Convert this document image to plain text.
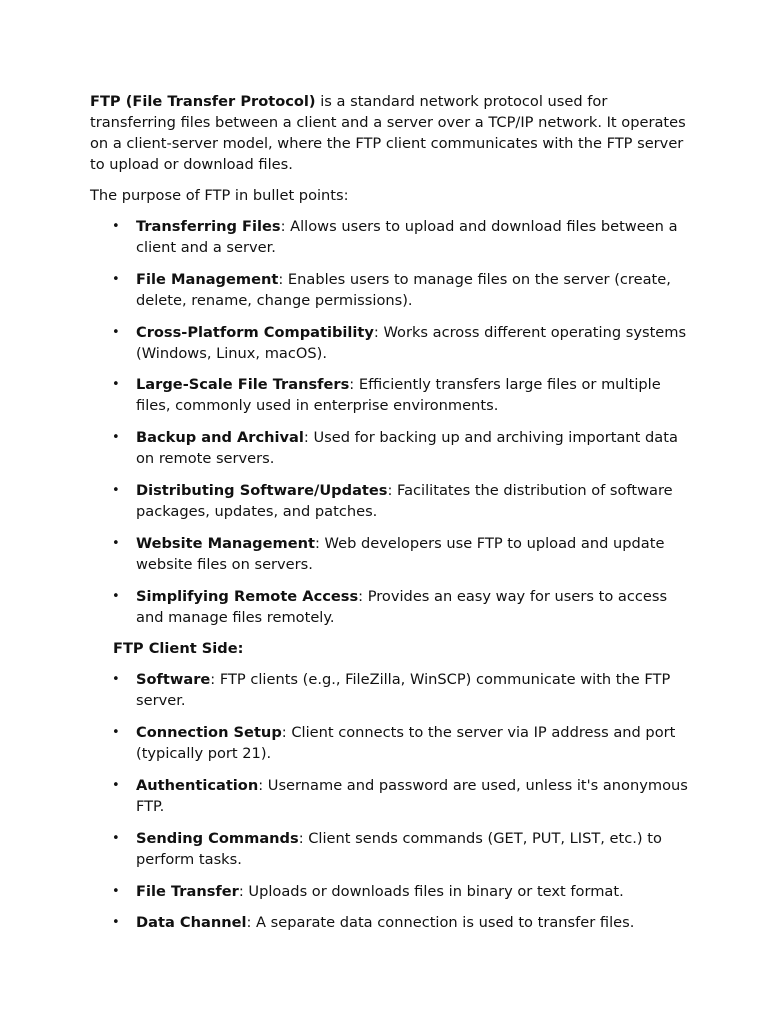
FTP (File Transfer Protocol) is a standard network protocol used for transferring files between a client and a server over a TCP/IP network. It operates on a client-server model, where the FTP client communicates with the FTP server to upload or download files.

The purpose of FTP in bullet points:

• Transferring Files: Allows users to upload and download files between a client and a server.
• File Management: Enables users to manage files on the server (create, delete, rename, change permissions).
• Cross-Platform Compatibility: Works across different operating systems (Windows, Linux, macOS).
• Large-Scale File Transfers: Efficiently transfers large files or multiple files, commonly used in enterprise environments.
• Backup and Archival: Used for backing up and archiving important data on remote servers.
• Distributing Software/Updates: Facilitates the distribution of software packages, updates, and patches.
• Website Management: Web developers use FTP to upload and update website files on servers.
• Simplifying Remote Access: Provides an easy way for users to access and manage files remotely.

FTP Client Side:

• Software: FTP clients (e.g., FileZilla, WinSCP) communicate with the FTP server.
• Connection Setup: Client connects to the server via IP address and port (typically port 21).
• Authentication: Username and password are used, unless it's anonymous FTP.
• Sending Commands: Client sends commands (GET, PUT, LIST, etc.) to perform tasks.
• File Transfer: Uploads or downloads files in binary or text format.
• Data Channel: A separate data connection is used to transfer files.
